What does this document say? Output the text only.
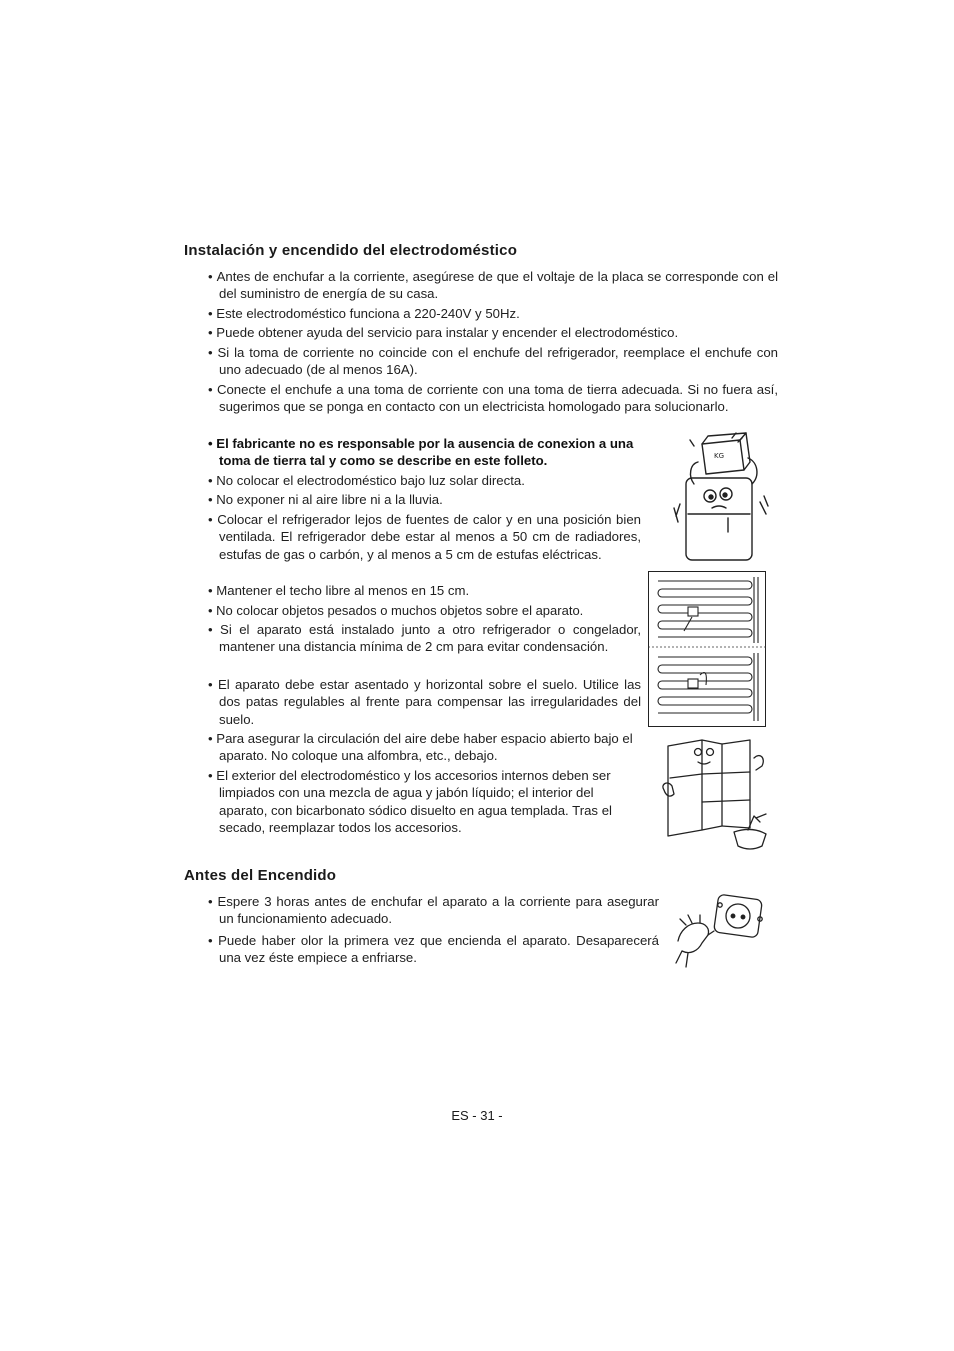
Instalación y encendido del electrodoméstico

• Antes de enchufar a la corriente, asegúrese de que el voltaje de la placa se corresponde con el del suministro de energía de su casa.

• Este electrodoméstico funciona a 220-240V y 50Hz.

• Puede obtener ayuda del servicio para instalar y encender el electrodoméstico.

• Si la toma de corriente no coincide con el enchufe del refrigerador, reemplace el enchufe con uno adecuado (de al menos 16A).

• Conecte el enchufe a una toma de corriente con una toma de tierra adecuada. Si no fuera así, sugerimos que se ponga en contacto con un electricista homologado para solucionarlo.

• El fabricante no es responsable por la ausencia de conexion a una toma de tierra tal y como se describe en este folleto.

• No colocar el electrodoméstico bajo luz solar directa.

• No exponer ni al aire libre ni a la lluvia.

• Colocar el refrigerador lejos de fuentes de calor y en una posición bien ventilada. El refrigerador debe estar al menos a 50 cm de radiadores, estufas de gas o carbón, y al menos a 5 cm de estufas eléctricas.

• Mantener el techo libre al menos en 15 cm.

• No colocar objetos pesados o muchos objetos sobre el aparato.

• Si el aparato está instalado junto a otro refrigerador o congelador, mantener una distancia mínima de 2 cm para evitar condensación.

• El aparato debe estar asentado y horizontal sobre el suelo. Utilice las dos patas regulables al frente para compensar las irregularidades del suelo.

• Para asegurar la circulación del aire debe haber espacio abierto bajo el aparato. No coloque una alfombra, etc., debajo.

• El exterior del electrodoméstico y los accesorios internos deben ser limpiados con una mezcla de agua y jabón líquido; el interior del aparato, con bicarbonato sódico disuelto en agua templada. Tras el secado, reemplazar todos los accesorios.

Antes del Encendido

• Espere 3 horas antes de enchufar el aparato a la corriente para asegurar un funcionamiento adecuado.

• Puede haber olor la primera vez que encienda el aparato. Desaparecerá una vez éste empiece a enfriarse.

KG
ES - 31 -
